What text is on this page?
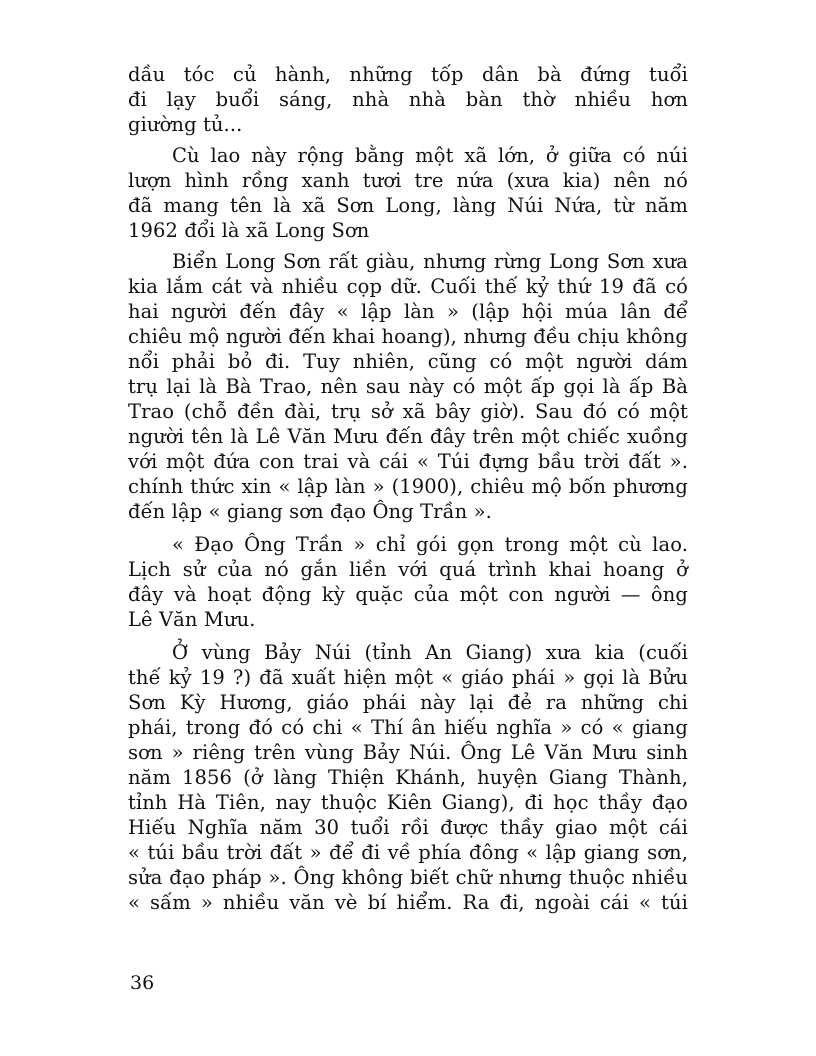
dầu tóc củ hành, những tốp dân bà đứng tuổi
đi lạy buổi sáng, nhà nhà bàn thờ nhiều hơn
giường tủ...
Cù lao này rộng bằng một xã lớn, ở giữa có núi
lượn hình rồng xanh tươi tre nứa (xưa kia) nên nó
đã mang tên là xã Sơn Long, làng Núi Nứa, từ năm
1962 đổi là xã Long Sơn
Biển Long Sơn rất giàu, nhưng rừng Long Sơn xưa
kia lắm cát và nhiều cọp dữ. Cuối thế kỷ thứ 19 đã có
hai người đến đây « lập làn » (lập hội múa lân để
chiêu mộ người đến khai hoang), nhưng đều chịu không
nổi phải bỏ đi. Tuy nhiên, cũng có một người dám
trụ lại là Bà Trao, nên sau này có một ấp gọi là ấp Bà
Trao (chỗ đền đài, trụ sở xã bây giờ). Sau đó có một
người tên là Lê Văn Mưu đến đây trên một chiếc xuồng
với một đứa con trai và cái « Túi đựng bầu trời đất ».
chính thức xin « lập làn » (1900), chiêu mộ bốn phương
đến lập « giang sơn đạo Ông Trần ».
« Đạo Ông Trần » chỉ gói gọn trong một cù lao.
Lịch sử của nó gắn liền với quá trình khai hoang ở
đây và hoạt động kỳ quặc của một con người — ông
Lê Văn Mưu.
Ở vùng Bảy Núi (tỉnh An Giang) xưa kia (cuối
thế kỷ 19 ?) đã xuất hiện một « giáo phái » gọi là Bửu
Sơn Kỳ Hương, giáo phái này lại đẻ ra những chi
phái, trong đó có chi « Thí ân hiếu nghĩa » có « giang
sơn » riêng trên vùng Bảy Núi. Ông Lê Văn Mưu sinh
năm 1856 (ở làng Thiện Khánh, huyện Giang Thành,
tỉnh Hà Tiên, nay thuộc Kiên Giang), đi học thầy đạo
Hiếu Nghĩa năm 30 tuổi rồi được thầy giao một cái
« túi bầu trời đất » để đi về phía đông « lập giang sơn,
sửa đạo pháp ». Ông không biết chữ nhưng thuộc nhiều
« sấm » nhiều văn vè bí hiểm. Ra đi, ngoài cái « túi
36
